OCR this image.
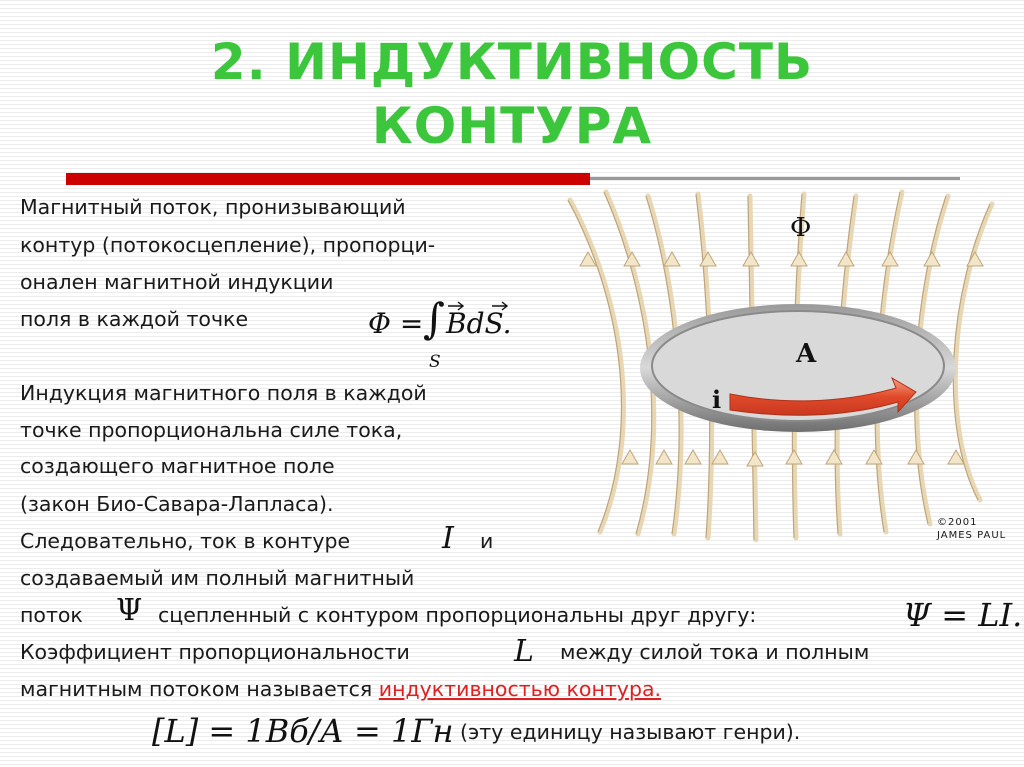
2. ИНДУКТИВНОСТЬ
КОНТУРА
Магнитный поток, пронизывающий
контур (потокосцепление), пропорци-
онален магнитной индукции
поля в каждой точке	Φ = ∫
S
BdS.
Индукция магнитного поля в каждой
точке пропорциональна силе тока,
создающего магнитное поле
(закон Био-Савара-Лапласа).
Следовательно, ток в контуре	I и
создаваемый им полный магнитный
поток Ψ сцепленный с контуром пропорциональны друг другу:	Ψ = LI.
Коэффициент пропорциональности	L между силой тока и полным
магнитным потоком называется индуктивностью контура.
[L] = 1Вб/А = 1Гн (эту единицу называют генри).
A
i
Φ
©2001
JAMES PAUL
